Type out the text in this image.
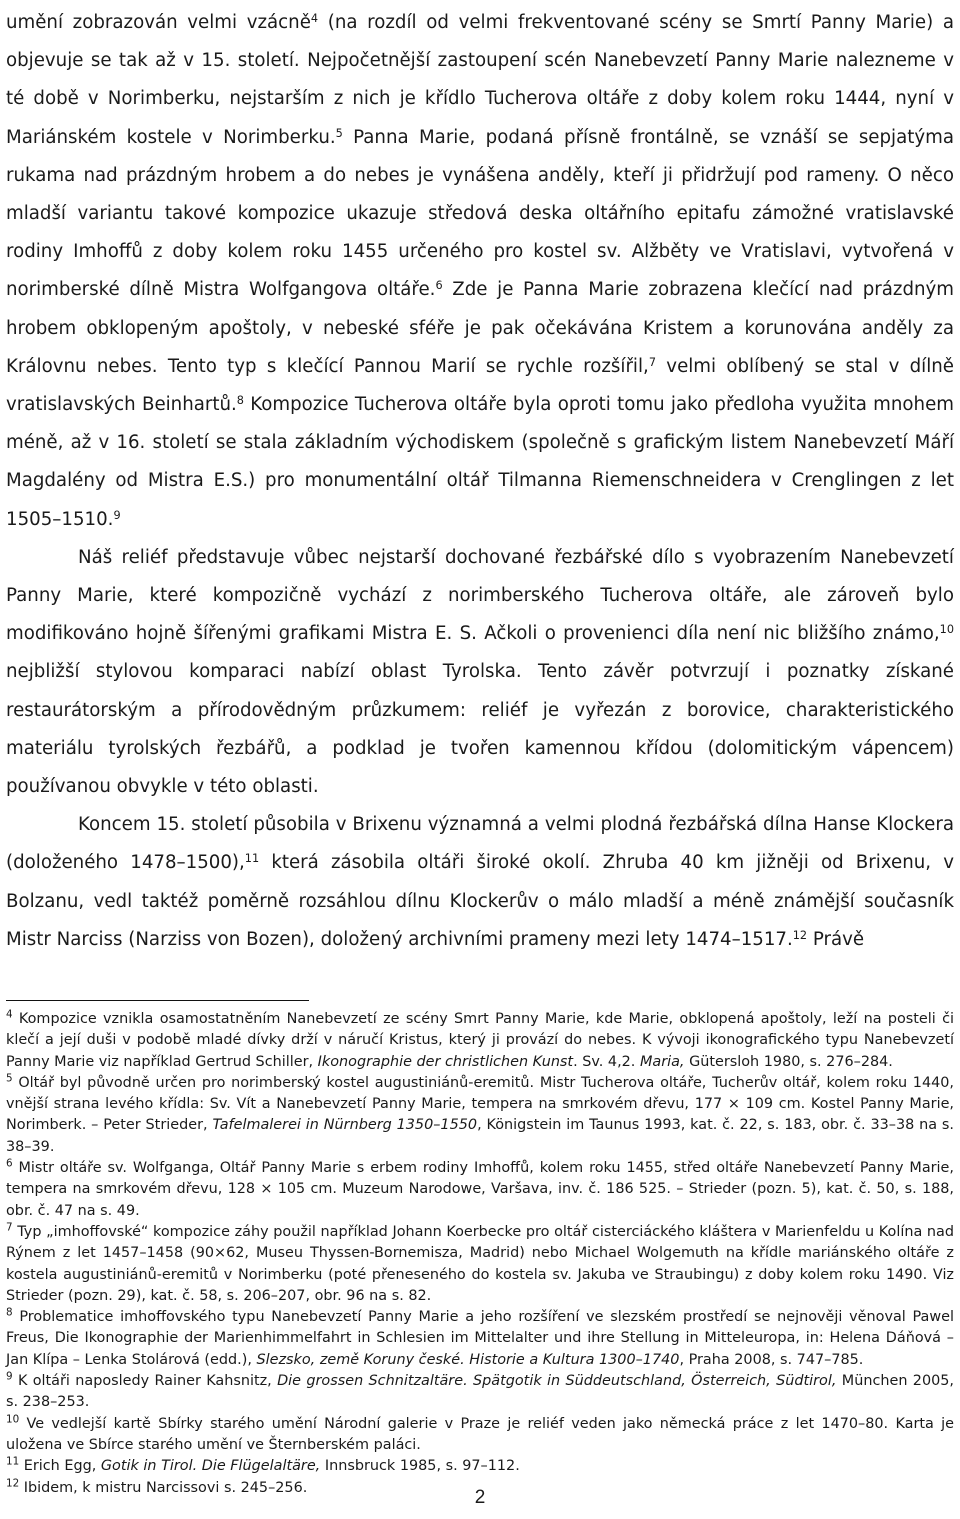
umění zobrazován velmi vzácně$^4$ (na rozdíl od velmi frekventované scény se Smrtí Panny Marie) a objevuje se tak až v 15. století. Nejpočetnější zastoupení scén Nanebevzetí Panny Marie nalezneme v té době v Norimberku, nejstarším z nich je křídlo Tucherova oltáře z doby kolem roku 1444, nyní v Mariánském kostele v Norimberku.$^5$ Panna Marie, podaná přísně frontálně, se vznáší se sepjatýma rukama nad prázdným hrobem a do nebes je vynášena anděly, kteří ji přidržují pod rameny. O něco mladší variantu takové kompozice ukazuje středová deska oltářního epitafu zámožné vratislavské rodiny Imhoffů z doby kolem roku 1455 určeného pro kostel sv. Alžběty ve Vratislavi, vytvořená v norimberské dílně Mistra Wolfgangova oltáře.$^6$ Zde je Panna Marie zobrazena klečící nad prázdným hrobem obklopeným apoštoly, v nebeské sféře je pak očekávána Kristem a korunována anděly za Královnu nebes. Tento typ s klečící Pannou Marií se rychle rozšířil,$^7$ velmi oblíbený se stal v dílně vratislavských Beinhartů.$^8$ Kompozice Tucherova oltáře byla oproti tomu jako předloha využita mnohem méně, až v 16. století se stala základním východiskem (společně s grafickým listem Nanebevzetí Máří Magdalény od Mistra E.S.) pro monumentální oltář Tilmanna Riemenschneidera v Crenglingen z let 1505–1510.$^9$

Náš reliéf představuje vůbec nejstarší dochované řezbářské dílo s vyobrazením Nanebevzetí Panny Marie, které kompozičně vychází z norimberského Tucherova oltáře, ale zároveň bylo modifikováno hojně šířenými grafikami Mistra E. S. Ačkoli o provenienci díla není nic bližšího známo,$^{10}$ nejbližší stylovou komparaci nabízí oblast Tyrolska. Tento závěr potvrzují i poznatky získané restaurátorským a přírodovědným průzkumem: reliéf je vyřezán z borovice, charakteristického materiálu tyrolských řezbářů, a podklad je tvořen kamennou křídou (dolomitickým vápencem) používanou obvykle v této oblasti.

Koncem 15. století působila v Brixenu významná a velmi plodná řezbářská dílna Hanse Klockera (doloženého 1478–1500),$^{11}$ která zásobila oltáři široké okolí. Zhruba 40 km jižněji od Brixenu, v Bolzanu, vedl taktéž poměrně rozsáhlou dílnu Klockerův o málo mladší a méně známější současník Mistr Narciss (Narziss von Bozen), doložený archivními prameny mezi lety 1474–1517.12 Právě

$^4$ Kompozice vznikla osamostatněním Nanebevzetí ze scény Smrt Panny Marie, kde Marie, obklopená apoštoly, leží na posteli či klečí a její duši v podobě mladé dívky drží v náručí Kristus, který ji provází do nebes. K vývoji ikonografického typu Nanebevzetí Panny Marie viz například Gertrud Schiller, Ikonographie der christlichen Kunst. Sv. 4,2. Maria, Gütersloh 1980, s. 276–284.

$^5$ Oltář byl původně určen pro norimberský kostel augustiniánů-eremitů. Mistr Tucherova oltáře, Tucherův oltář, kolem roku 1440, vnější strana levého křídla: Sv. Vít a Nanebevzetí Panny Marie, tempera na smrkovém dřevu, 177 × 109 cm. Kostel Panny Marie, Norimberk. – Peter Strieder, Tafelmalerei in Nürnberg 1350–1550, Königstein im Taunus 1993, kat. č. 22, s. 183, obr. č. 33–38 na s. 38–39.

$^6$ Mistr oltáře sv. Wolfganga, Oltář Panny Marie s erbem rodiny Imhoffů, kolem roku 1455, střed oltáře Nanebevzetí Panny Marie, tempera na smrkovém dřevu, 128 × 105 cm. Muzeum Narodowe, Varšava, inv. č. 186 525. – Strieder (pozn. 5), kat. č. 50, s. 188, obr. č. 47 na s. 49.

$^7$ Typ „imhoffovské“ kompozice záhy použil například Johann Koerbecke pro oltář cisterciáckého kláštera v Marienfeldu u Kolína nad Rýnem z let 1457–1458 (90×62, Museu Thyssen-Bornemisza, Madrid) nebo Michael Wolgemuth na křídle mariánského oltáře z kostela augustiniánů-eremitů v Norimberku (poté přeneseného do kostela sv. Jakuba ve Straubingu) z doby kolem roku 1490. Viz Strieder (pozn. 29), kat. č. 58, s. 206–207, obr. 96 na s. 82.

$^8$ Problematice imhoffovského typu Nanebevzetí Panny Marie a jeho rozšíření ve slezském prostředí se nejnověji věnoval Pawel Freus, Die Ikonographie der Marienhimmelfahrt in Schlesien im Mittelalter und ihre Stellung in Mitteleuropa, in: Helena Dáňová – Jan Klípa – Lenka Stolárová (edd.), Slezsko, země Koruny české. Historie a Kultura 1300–1740, Praha 2008, s. 747–785.

$^9$ K oltáři naposledy Rainer Kahsnitz, Die grossen Schnitzaltäre. Spätgotik in Süddeutschland, Österreich, Südtirol, München 2005, s. 238–253.

$^{10}$ Ve vedlejší kartě Sbírky starého umění Národní galerie v Praze je reliéf veden jako německá práce z let 1470–80. Karta je uložena ve Sbírce starého umění ve Šternberském paláci.

$^{11}$ Erich Egg, Gotik in Tirol. Die Flügelaltäre, Innsbruck 1985, s. 97–112.

$^{12}$ Ibidem, k mistru Narcissovi s. 245–256.	2
